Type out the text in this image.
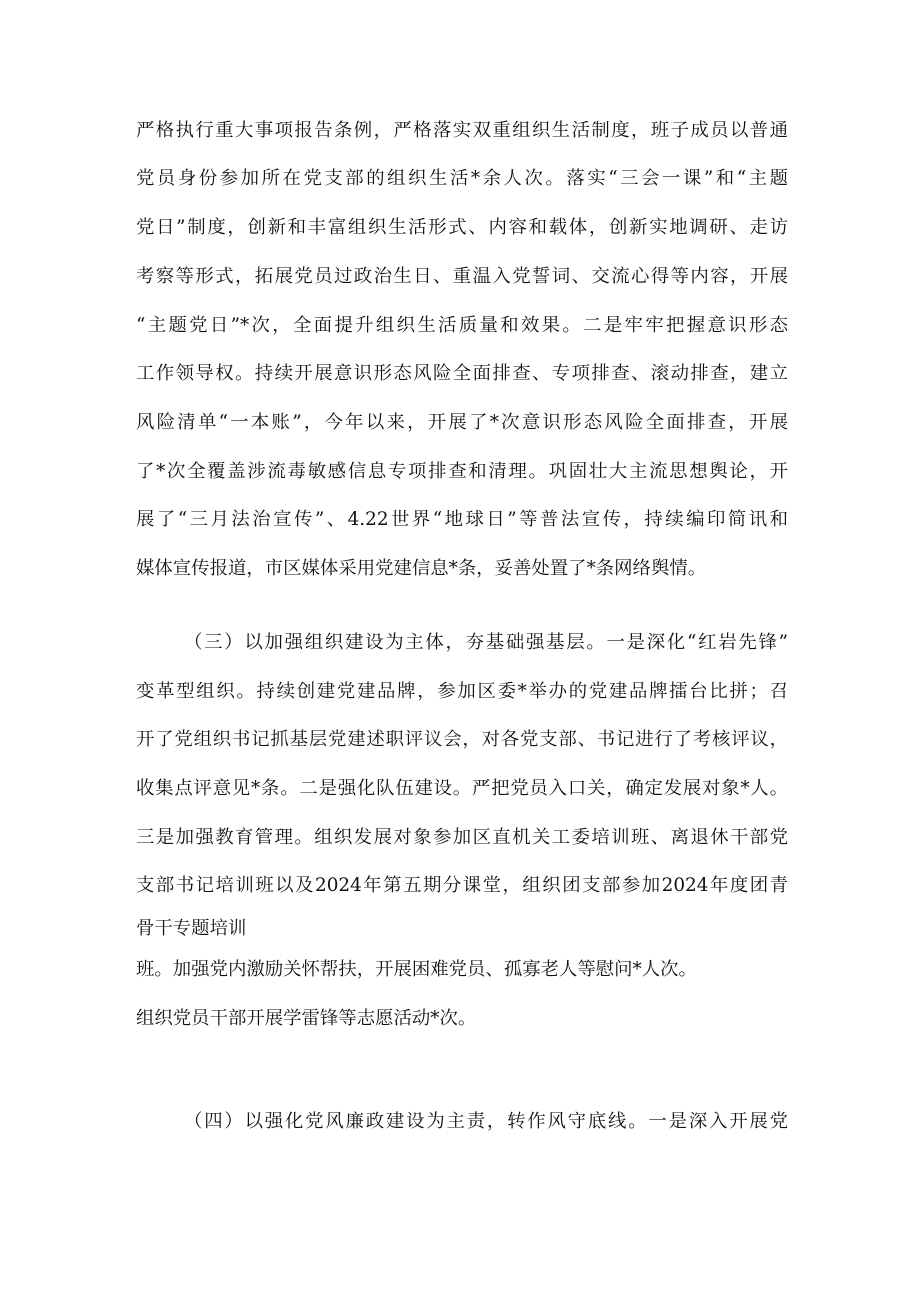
严格执行重大事项报告条例，严格落实双重组织生活制度，班子成员以普通
党员身份参加所在党支部的组织生活*余人次。落实“三会一课”和“主题
党日”制度，创新和丰富组织生活形式、内容和载体，创新实地调研、走访
考察等形式，拓展党员过政治生日、重温入党誓词、交流心得等内容，开展
“主题党日”*次，全面提升组织生活质量和效果。二是牢牢把握意识形态
工作领导权。持续开展意识形态风险全面排查、专项排查、滚动排查，建立
风险清单“一本账”，今年以来，开展了*次意识形态风险全面排查，开展
了*次全覆盖涉流毒敏感信息专项排查和清理。巩固壮大主流思想舆论，开
展了“三月法治宣传”、4.22世界“地球日”等普法宣传，持续编印简讯和
媒体宣传报道，市区媒体采用党建信息*条，妥善处置了*条网络舆情。
（三）以加强组织建设为主体，夯基础强基层。一是深化“红岩先锋”
变革型组织。持续创建党建品牌，参加区委*举办的党建品牌擂台比拼；召
开了党组织书记抓基层党建述职评议会，对各党支部、书记进行了考核评议，
收集点评意见*条。二是强化队伍建设。严把党员入口关，确定发展对象*人。
三是加强教育管理。组织发展对象参加区直机关工委培训班、离退休干部党
支部书记培训班以及2024年第五期分课堂，组织团支部参加2024年度团青
骨干专题培训
班。加强党内激励关怀帮扶，开展困难党员、孤寡老人等慰问*人次。
组织党员干部开展学雷锋等志愿活动*次。
（四）以强化党风廉政建设为主责，转作风守底线。一是深入开展党
